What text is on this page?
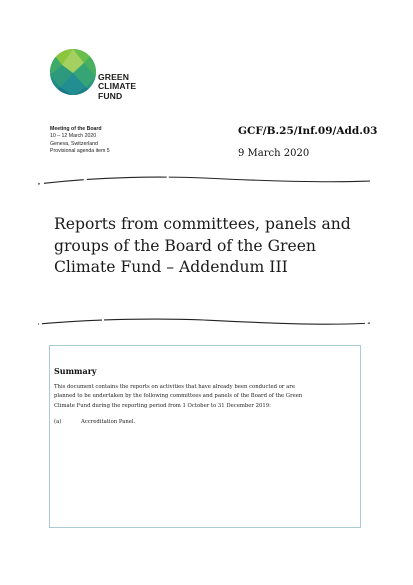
GREEN
CLIMATE
FUND
Meeting of the Board
10 – 12 March 2020
Geneva, Switzerland
Provisional agenda item 5
GCF/B.25/Inf.09/Add.03
9 March 2020
Reports from committees, panels and
groups of the Board of the Green
Climate Fund – Addendum III
Summary
This document contains the reports on activities that have already been conducted or are
planned to be undertaken by the following committees and panels of the Board of the Green
Climate Fund during the reporting period from 1 October to 31 December 2019:
(a)	Accreditation Panel.
